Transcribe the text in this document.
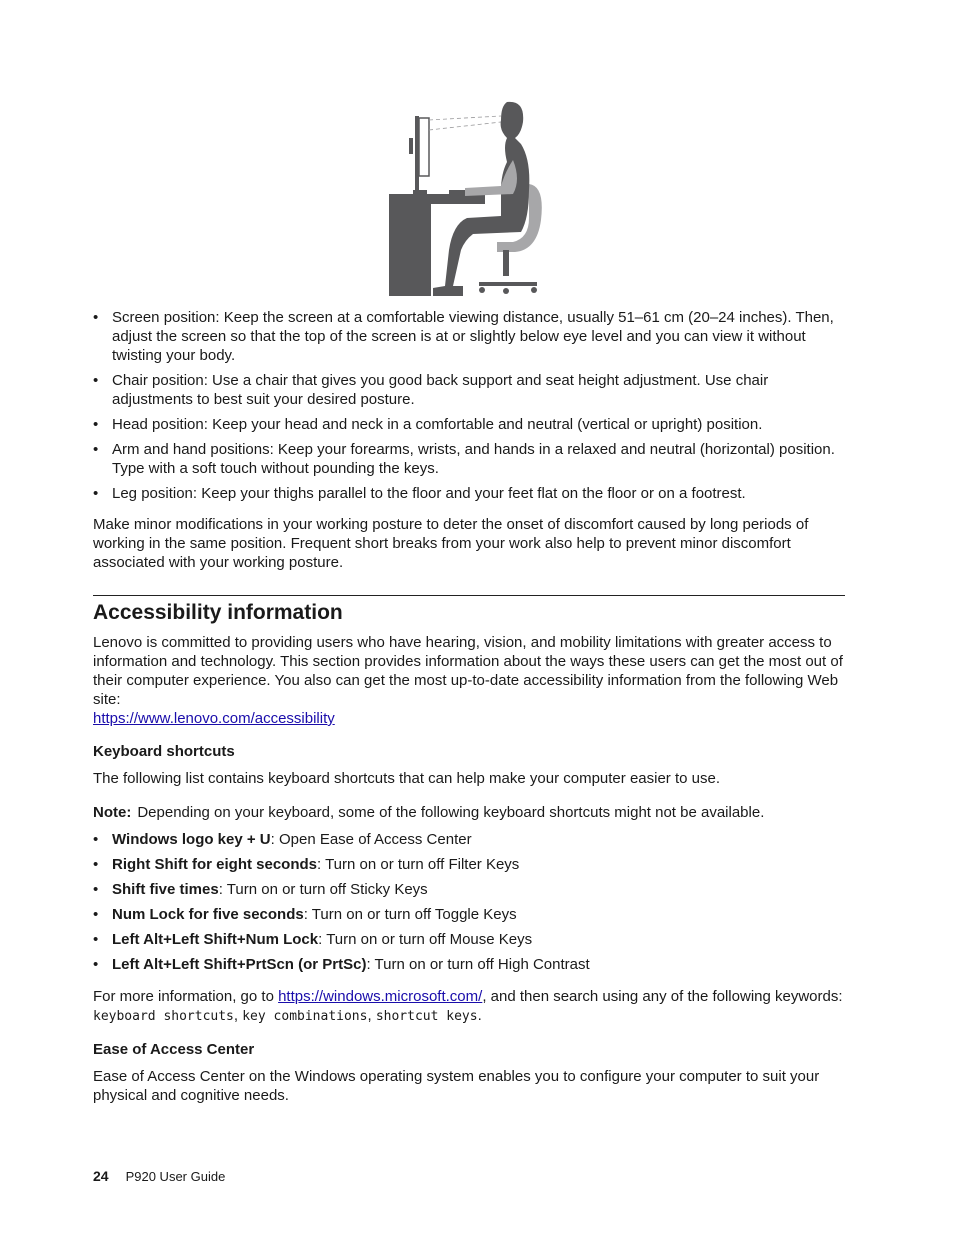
• Screen position: Keep the screen at a comfortable viewing distance, usually 51–61 cm (20–24 inches). Then, adjust the screen so that the top of the screen is at or slightly below eye level and you can view it without twisting your body.
• Chair position: Use a chair that gives you good back support and seat height adjustment. Use chair adjustments to best suit your desired posture.
• Head position: Keep your head and neck in a comfortable and neutral (vertical or upright) position.
• Arm and hand positions: Keep your forearms, wrists, and hands in a relaxed and neutral (horizontal) position. Type with a soft touch without pounding the keys.
• Leg position: Keep your thighs parallel to the floor and your feet flat on the floor or on a footrest.

Make minor modifications in your working posture to deter the onset of discomfort caused by long periods of working in the same position. Frequent short breaks from your work also help to prevent minor discomfort associated with your working posture.

Accessibility information

Lenovo is committed to providing users who have hearing, vision, and mobility limitations with greater access to information and technology. This section provides information about the ways these users can get the most out of their computer experience. You also can get the most up-to-date accessibility information from the following Web site:
https://www.lenovo.com/accessibility

Keyboard shortcuts

The following list contains keyboard shortcuts that can help make your computer easier to use.

Note: Depending on your keyboard, some of the following keyboard shortcuts might not be available.

• Windows logo key + U: Open Ease of Access Center
• Right Shift for eight seconds: Turn on or turn off Filter Keys
• Shift five times: Turn on or turn off Sticky Keys
• Num Lock for five seconds: Turn on or turn off Toggle Keys
• Left Alt+Left Shift+Num Lock: Turn on or turn off Mouse Keys
• Left Alt+Left Shift+PrtScn (or PrtSc): Turn on or turn off High Contrast

For more information, go to https://windows.microsoft.com/, and then search using any of the following keywords: keyboard shortcuts, key combinations, shortcut keys.

Ease of Access Center

Ease of Access Center on the Windows operating system enables you to configure your computer to suit your physical and cognitive needs.

24 P920 User Guide
